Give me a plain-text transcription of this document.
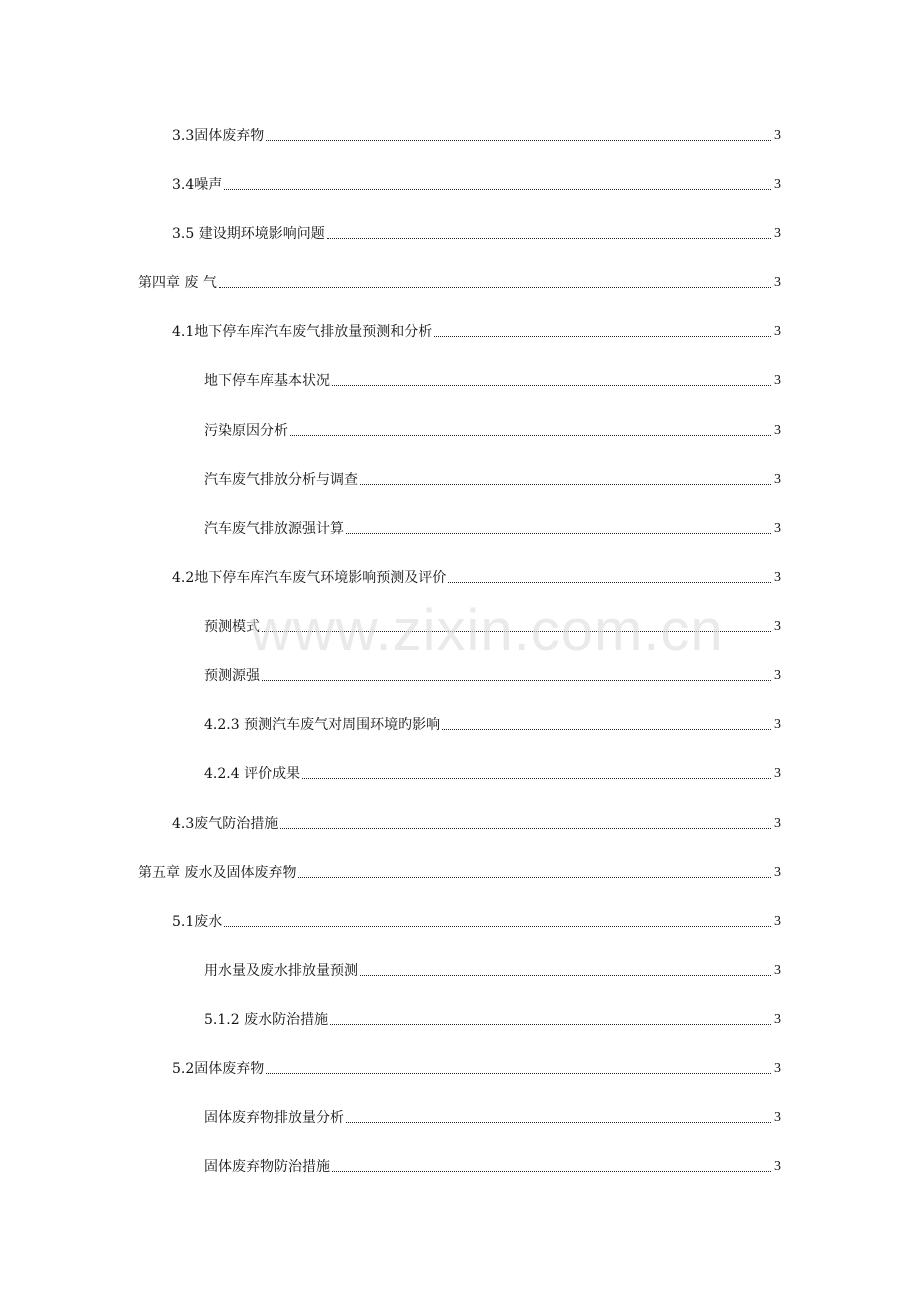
3.3固体废弃物	3
3.4噪声	3
3.5 建设期环境影响问题	3
第四章 废 气	3
4.1地下停车库汽车废气排放量预测和分析	3
地下停车库基本状况	3
污染原因分析	3
汽车废气排放分析与调查	3
汽车废气排放源强计算	3
4.2地下停车库汽车废气环境影响预测及评价	3
预测模式	3
预测源强	3
4.2.3 预测汽车废气对周围环境旳影响	3
4.2.4 评价成果	3
4.3废气防治措施	3
第五章 废水及固体废弃物	3
5.1废水	3
用水量及废水排放量预测	3
5.1.2 废水防治措施	3
5.2固体废弃物	3
固体废弃物排放量分析	3
固体废弃物防治措施	3
www.zixin.com.cn
